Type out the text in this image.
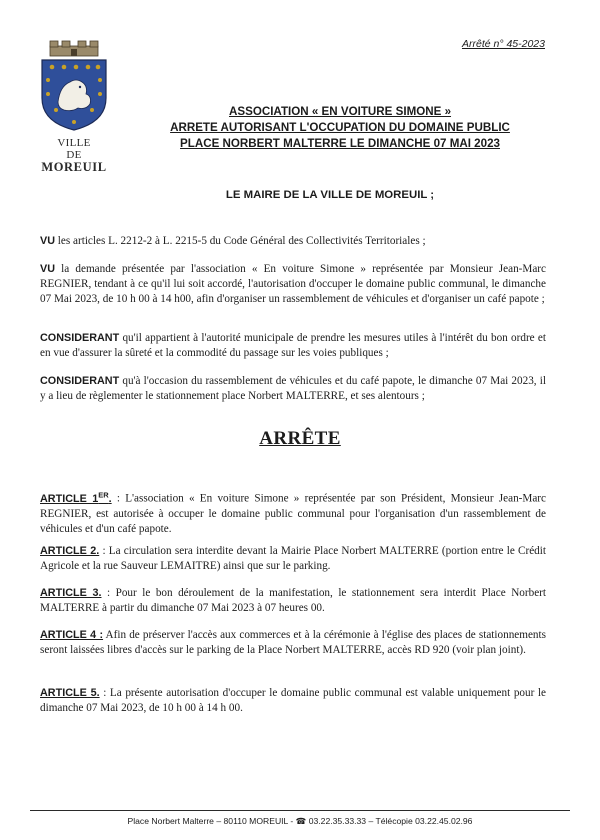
VILLE
DE
MOREUIL
Arrêté n° 45-2023
ASSOCIATION « EN VOITURE SIMONE »
ARRETE AUTORISANT L'OCCUPATION DU DOMAINE PUBLIC
PLACE NORBERT MALTERRE LE DIMANCHE 07 MAI 2023
LE MAIRE DE LA VILLE DE MOREUIL ;
VU les articles L. 2212-2 à L. 2215-5 du Code Général des Collectivités Territoriales ;
VU la demande présentée par l'association « En voiture Simone » représentée par Monsieur Jean-Marc REGNIER, tendant à ce qu'il lui soit accordé, l'autorisation d'occuper le domaine public communal, le dimanche 07 Mai 2023, de 10 h 00 à 14 h00, afin d'organiser un rassemblement de véhicules et d'organiser un café papote ;
CONSIDERANT qu'il appartient à l'autorité municipale de prendre les mesures utiles à l'intérêt du bon ordre et en vue d'assurer la sûreté et la commodité du passage sur les voies publiques ;
CONSIDERANT qu'à l'occasion du rassemblement de véhicules et du café papote, le dimanche 07 Mai 2023, il y a lieu de règlementer le stationnement place Norbert MALTERRE, et ses alentours ;
ARRÊTE
ARTICLE 1ER. : L'association « En voiture Simone » représentée par son Président, Monsieur Jean-Marc REGNIER, est autorisée à occuper le domaine public communal pour l'organisation d'un rassemblement de véhicules et d'un café papote.
ARTICLE 2. : La circulation sera interdite devant la Mairie Place Norbert MALTERRE (portion entre le Crédit Agricole et la rue Sauveur LEMAITRE) ainsi que sur le parking.
ARTICLE 3. : Pour le bon déroulement de la manifestation, le stationnement sera interdit Place Norbert MALTERRE à partir du dimanche 07 Mai 2023 à 07 heures 00.
ARTICLE 4 : Afin de préserver l'accès aux commerces et à la cérémonie à l'église des places de stationnements seront laissées libres d'accès sur le parking de la Place Norbert MALTERRE, accès RD 920 (voir plan joint).
ARTICLE 5. : La présente autorisation d'occuper le domaine public communal est valable uniquement pour le dimanche 07 Mai 2023, de 10 h 00 à 14 h 00.
Place Norbert Malterre – 80110 MOREUIL - ☎ 03.22.35.33.33 – Télécopie 03.22.45.02.96
